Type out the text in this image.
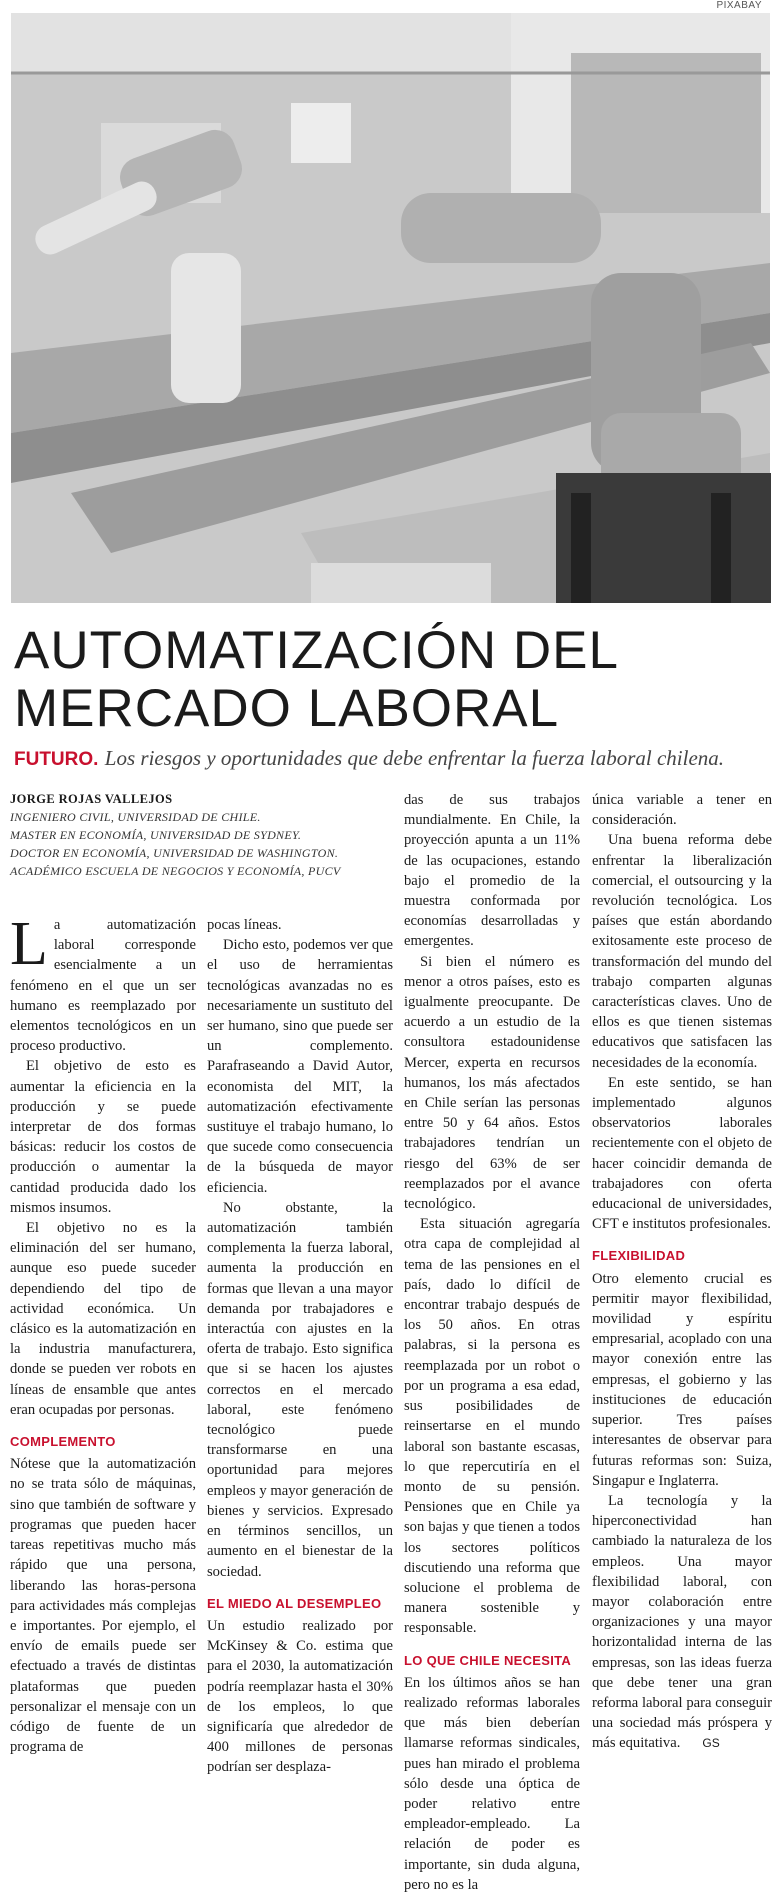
PIXABAY
AUTOMATIZACIÓN DEL
MERCADO LABORAL
FUTURO. Los riesgos y oportunidades que debe enfrentar la fuerza laboral chilena.
JORGE ROJAS VALLEJOS
INGENIERO CIVIL, UNIVERSIDAD DE CHILE.
MASTER EN ECONOMÍA, UNIVERSIDAD DE SYDNEY.
DOCTOR EN ECONOMÍA, UNIVERSIDAD DE WASHINGTON.
ACADÉMICO ESCUELA DE NEGOCIOS Y ECONOMÍA, PUCV

La automatización laboral corresponde esencialmente a un fenómeno en el que un ser humano es reemplazado por elementos tecnológicos en un proceso productivo.

El objetivo de esto es aumentar la eficiencia en la producción y se puede interpretar de dos formas básicas: reducir los costos de producción o aumentar la cantidad producida dado los mismos insumos.

El objetivo no es la eliminación del ser humano, aunque eso puede suceder dependiendo del tipo de actividad económica. Un clásico es la automatización en la industria manufacturera, donde se pueden ver robots en líneas de ensamble que antes eran ocupadas por personas.

COMPLEMENTO

Nótese que la automatización no se trata sólo de máquinas, sino que también de software y programas que pueden hacer tareas repetitivas mucho más rápido que una persona, liberando las horas-persona para actividades más complejas e importantes. Por ejemplo, el envío de emails puede ser efectuado a través de distintas plataformas que pueden personalizar el mensaje con un código de fuente de un programa de

pocas líneas.

Dicho esto, podemos ver que el uso de herramientas tecnológicas avanzadas no es necesariamente un sustituto del ser humano, sino que puede ser un complemento. Parafraseando a David Autor, economista del MIT, la automatización efectivamente sustituye el trabajo humano, lo que sucede como consecuencia de la búsqueda de mayor eficiencia.

No obstante, la automatización también complementa la fuerza laboral, aumenta la producción en formas que llevan a una mayor demanda por trabajadores e interactúa con ajustes en la oferta de trabajo. Esto significa que si se hacen los ajustes correctos en el mercado laboral, este fenómeno tecnológico puede transformarse en una oportunidad para mejores empleos y mayor generación de bienes y servicios. Expresado en términos sencillos, un aumento en el bienestar de la sociedad.

EL MIEDO AL DESEMPLEO

Un estudio realizado por McKinsey & Co. estima que para el 2030, la automatización podría reemplazar hasta el 30% de los empleos, lo que significaría que alrededor de 400 millones de personas podrían ser desplaza-

das de sus trabajos mundialmente. En Chile, la proyección apunta a un 11% de las ocupaciones, estando bajo el promedio de la muestra conformada por economías desarrolladas y emergentes.

Si bien el número es menor a otros países, esto es igualmente preocupante. De acuerdo a un estudio de la consultora estadounidense Mercer, experta en recursos humanos, los más afectados en Chile serían las personas entre 50 y 64 años. Estos trabajadores tendrían un riesgo del 63% de ser reemplazados por el avance tecnológico.

Esta situación agregaría otra capa de complejidad al tema de las pensiones en el país, dado lo difícil de encontrar trabajo después de los 50 años. En otras palabras, si la persona es reemplazada por un robot o por un programa a esa edad, sus posibilidades de reinsertarse en el mundo laboral son bastante escasas, lo que repercutiría en el monto de su pensión. Pensiones que en Chile ya son bajas y que tienen a todos los sectores políticos discutiendo una reforma que solucione el problema de manera sostenible y responsable.

LO QUE CHILE NECESITA

En los últimos años se han realizado reformas laborales que más bien deberían llamarse reformas sindicales, pues han mirado el problema sólo desde una óptica de poder relativo entre empleador-empleado. La relación de poder es importante, sin duda alguna, pero no es la

única variable a tener en consideración.

Una buena reforma debe enfrentar la liberalización comercial, el outsourcing y la revolución tecnológica. Los países que están abordando exitosamente este proceso de transformación del mundo del trabajo comparten algunas características claves. Uno de ellos es que tienen sistemas educativos que satisfacen las necesidades de la economía.

En este sentido, se han implementado algunos observatorios laborales recientemente con el objeto de hacer coincidir demanda de trabajadores con oferta educacional de universidades, CFT e institutos profesionales.

FLEXIBILIDAD

Otro elemento crucial es permitir mayor flexibilidad, movilidad y espíritu empresarial, acoplado con una mayor conexión entre las empresas, el gobierno y las instituciones de educación superior. Tres países interesantes de observar para futuras reformas son: Suiza, Singapur e Inglaterra.

La tecnología y la hiperconectividad han cambiado la naturaleza de los empleos. Una mayor flexibilidad laboral, con mayor colaboración entre organizaciones y una mayor horizontalidad interna de las empresas, son las ideas fuerza que debe tener una gran reforma laboral para conseguir una sociedad más próspera y más equitativa. GS
